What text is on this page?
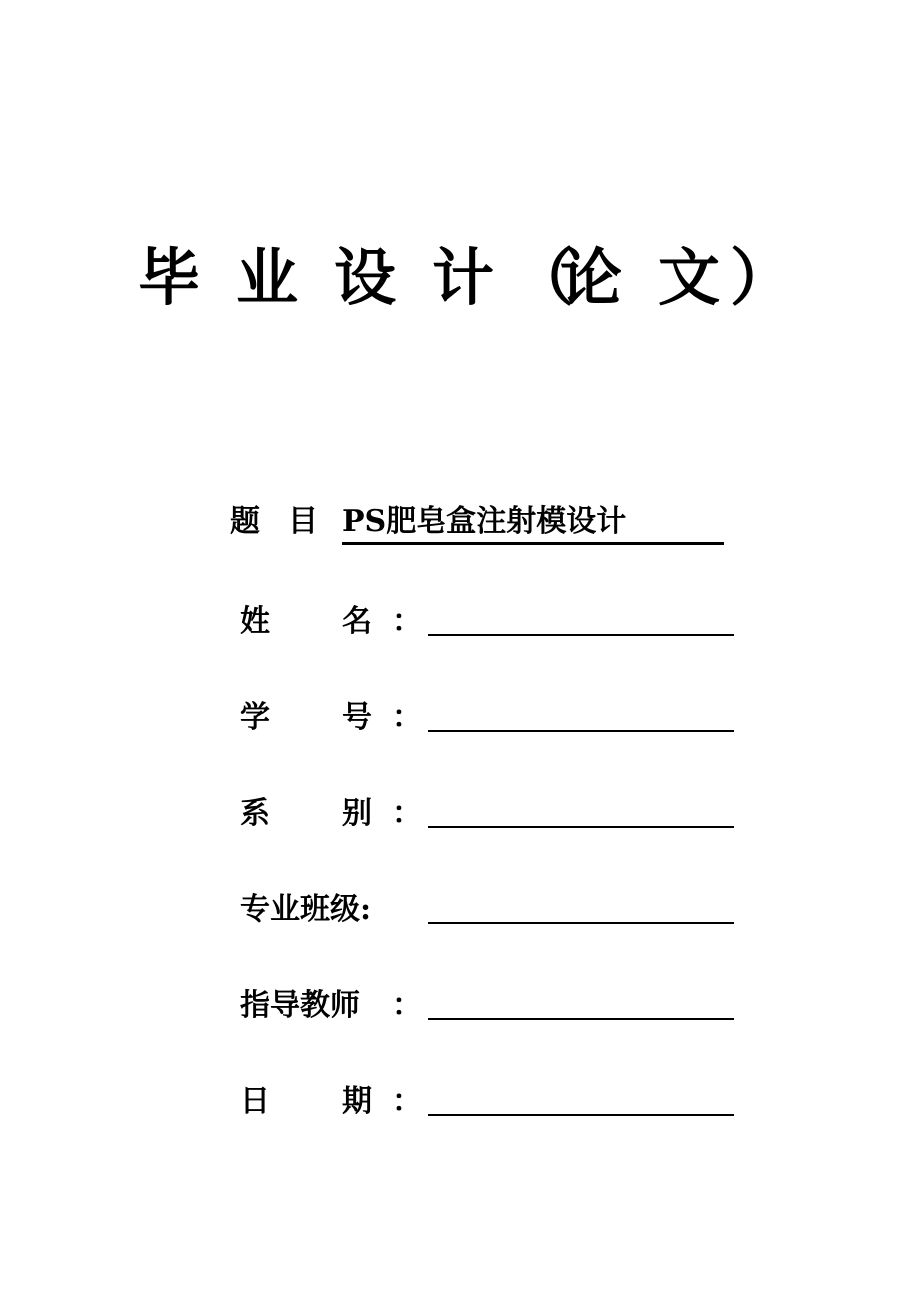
毕 业 设 计 （
论 文 ）
题 目 PS肥皂盒注射模设计
姓 名 ：
学 号 ：
系 别 ：
专业班级:
指导教师 ：
日 期 ：
